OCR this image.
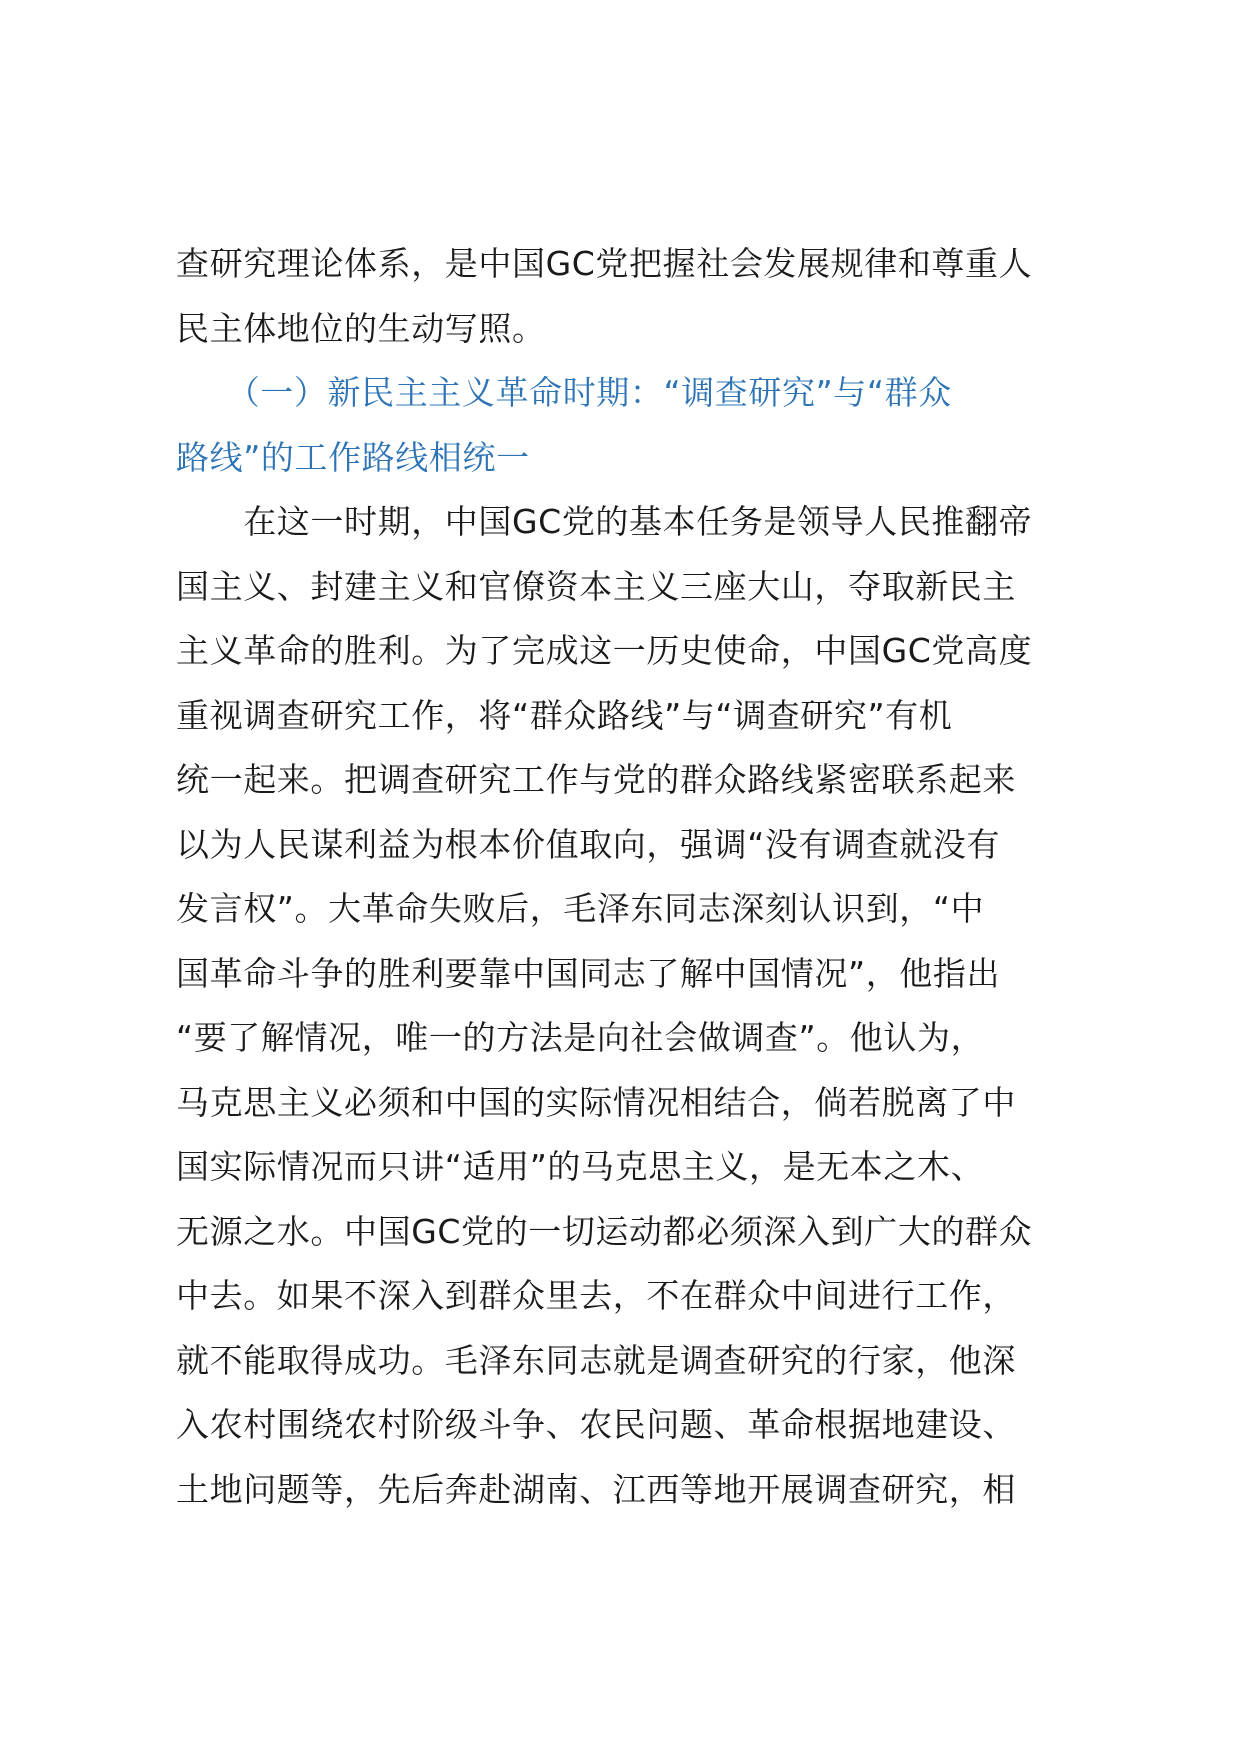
查研究理论体系，是中国GC党把握社会发展规律和尊重人

民主体地位的生动写照。

　　（一）新民主主义革命时期：“调查研究”与“群众

路线”的工作路线相统一

　　在这一时期，中国GC党的基本任务是领导人民推翻帝

国主义、封建主义和官僚资本主义三座大山，夺取新民主

主义革命的胜利。为了完成这一历史使命，中国GC党高度

重视调查研究工作，将“群众路线”与“调查研究”有机

统一起来。把调查研究工作与党的群众路线紧密联系起来

以为人民谋利益为根本价值取向，强调“没有调查就没有

发言权”。大革命失败后，毛泽东同志深刻认识到，“中

国革命斗争的胜利要靠中国同志了解中国情况”，他指出

“要了解情况，唯一的方法是向社会做调查”。他认为，

马克思主义必须和中国的实际情况相结合，倘若脱离了中

国实际情况而只讲“适用”的马克思主义，是无本之木、

无源之水。中国GC党的一切运动都必须深入到广大的群众

中去。如果不深入到群众里去，不在群众中间进行工作，

就不能取得成功。毛泽东同志就是调查研究的行家，他深

入农村围绕农村阶级斗争、农民问题、革命根据地建设、

土地问题等，先后奔赴湖南、江西等地开展调查研究，相
